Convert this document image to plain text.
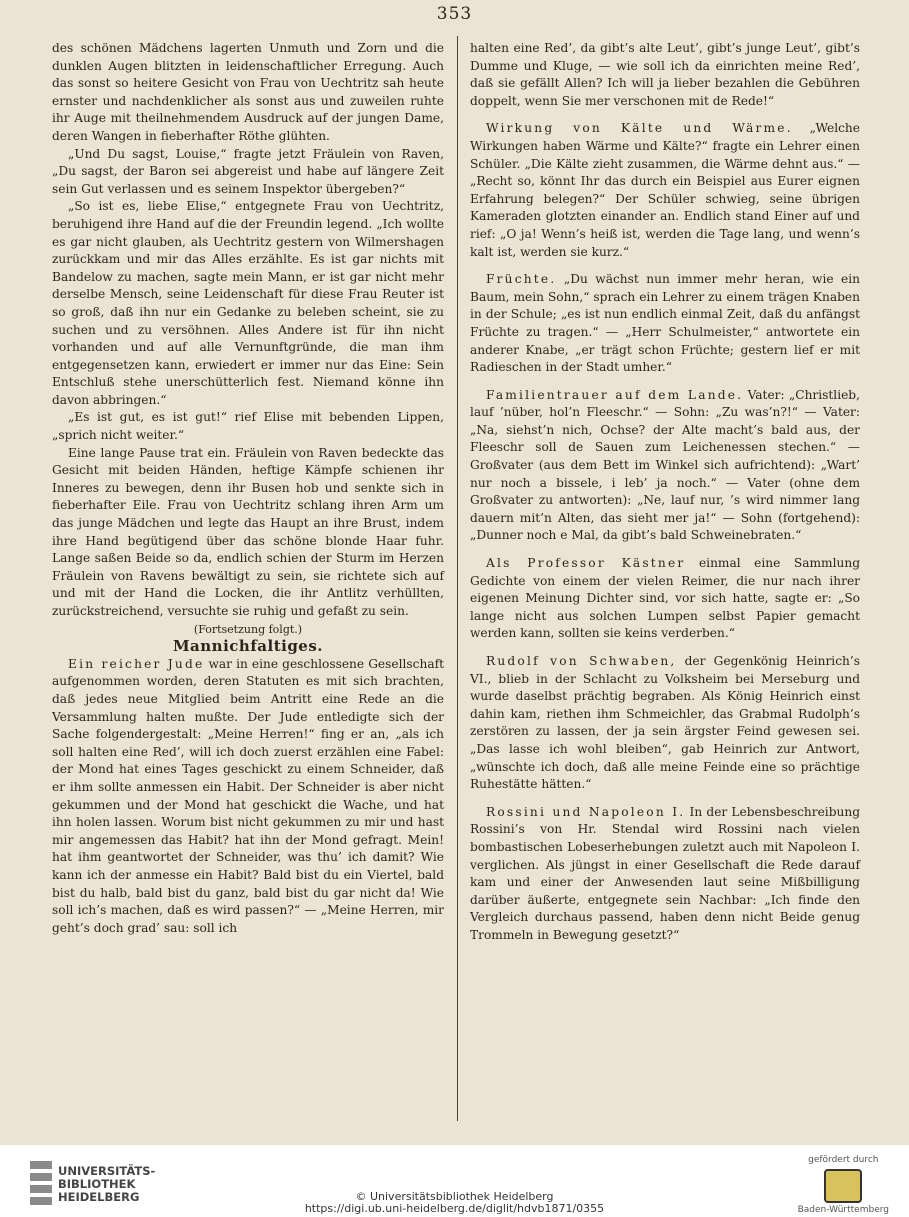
353

des schönen Mädchens lagerten Unmuth und Zorn und die dunklen Augen blitzten in leidenschaftlicher Erregung. Auch das sonst so heitere Gesicht von Frau von Uechtritz sah heute ernster und nachdenklicher als sonst aus und zuweilen ruhte ihr Auge mit theilnehmendem Ausdruck auf der jungen Dame, deren Wangen in fieberhafter Röthe glühten.

„Und Du sagst, Louise,“ fragte jetzt Fräulein von Raven, „Du sagst, der Baron sei abgereist und habe auf längere Zeit sein Gut verlassen und es seinem Inspektor übergeben?“

„So ist es, liebe Elise,“ entgegnete Frau von Uechtritz, beruhigend ihre Hand auf die der Freundin legend. „Ich wollte es gar nicht glauben, als Uechtritz gestern von Wilmershagen zurückkam und mir das Alles erzählte. Es ist gar nichts mit Bandelow zu machen, sagte mein Mann, er ist gar nicht mehr derselbe Mensch, seine Leidenschaft für diese Frau Reuter ist so groß, daß ihn nur ein Gedanke zu beleben scheint, sie zu suchen und zu versöhnen. Alles Andere ist für ihn nicht vorhanden und auf alle Vernunftgründe, die man ihm entgegensetzen kann, erwiedert er immer nur das Eine: Sein Entschluß stehe unerschütterlich fest. Niemand könne ihn davon abbringen.“

„Es ist gut, es ist gut!“ rief Elise mit bebenden Lippen, „sprich nicht weiter.“

Eine lange Pause trat ein. Fräulein von Raven bedeckte das Gesicht mit beiden Händen, heftige Kämpfe schienen ihr Inneres zu bewegen, denn ihr Busen hob und senkte sich in fieberhafter Eile. Frau von Uechtritz schlang ihren Arm um das junge Mädchen und legte das Haupt an ihre Brust, indem ihre Hand begütigend über das schöne blonde Haar fuhr. Lange saßen Beide so da, endlich schien der Sturm im Herzen Fräulein von Ravens bewältigt zu sein, sie richtete sich auf und mit der Hand die Locken, die ihr Antlitz verhüllten, zurückstreichend, versuchte sie ruhig und gefaßt zu sein.

(Fortsetzung folgt.)

Mannichfaltiges.

Ein reicher Jude war in eine geschlossene Gesellschaft aufgenommen worden, deren Statuten es mit sich brachten, daß jedes neue Mitglied beim Antritt eine Rede an die Versammlung halten mußte. Der Jude entledigte sich der Sache folgendergestalt: „Meine Herren!“ fing er an, „als ich soll halten eine Red’, will ich doch zuerst erzählen eine Fabel: der Mond hat eines Tages geschickt zu einem Schneider, daß er ihm sollte anmessen ein Habit. Der Schneider is aber nicht gekummen und der Mond hat geschickt die Wache, und hat ihn holen lassen. Worum bist nicht gekummen zu mir und hast mir angemessen das Habit? hat ihn der Mond gefragt. Mein! hat ihm geantwortet der Schneider, was thu’ ich damit? Wie kann ich der anmesse ein Habit? Bald bist du ein Viertel, bald bist du halb, bald bist du ganz, bald bist du gar nicht da! Wie soll ich’s machen, daß es wird passen?“ — „Meine Herren, mir geht’s doch grad’ sau: soll ich

halten eine Red’, da gibt’s alte Leut’, gibt’s junge Leut’, gibt’s Dumme und Kluge, — wie soll ich da einrichten meine Red’, daß sie gefällt Allen? Ich will ja lieber bezahlen die Gebühren doppelt, wenn Sie mer verschonen mit de Rede!“

Wirkung von Kälte und Wärme. „Welche Wirkungen haben Wärme und Kälte?“ fragte ein Lehrer einen Schüler. „Die Kälte zieht zusammen, die Wärme dehnt aus.“ — „Recht so, könnt Ihr das durch ein Beispiel aus Eurer eignen Erfahrung belegen?“ Der Schüler schwieg, seine übrigen Kameraden glotzten einander an. Endlich stand Einer auf und rief: „O ja! Wenn’s heiß ist, werden die Tage lang, und wenn’s kalt ist, werden sie kurz.“

Früchte. „Du wächst nun immer mehr heran, wie ein Baum, mein Sohn,“ sprach ein Lehrer zu einem trägen Knaben in der Schule; „es ist nun endlich einmal Zeit, daß du anfängst Früchte zu tragen.“ — „Herr Schulmeister,“ antwortete ein anderer Knabe, „er trägt schon Früchte; gestern lief er mit Radieschen in der Stadt umher.“

Familientrauer auf dem Lande. Vater: „Christlieb, lauf ’nüber, hol’n Fleeschr.“ — Sohn: „Zu was’n?!“ — Vater: „Na, siehst’n nich, Ochse? der Alte macht’s bald aus, der Fleeschr soll de Sauen zum Leichenessen stechen.“ — Großvater (aus dem Bett im Winkel sich aufrichtend): „Wart’ nur noch a bissele, i leb’ ja noch.“ — Vater (ohne dem Großvater zu antworten): „Ne, lauf nur, ’s wird nimmer lang dauern mit’n Alten, das sieht mer ja!“ — Sohn (fortgehend): „Dunner noch e Mal, da gibt’s bald Schweinebraten.“

Als Professor Kästner einmal eine Sammlung Gedichte von einem der vielen Reimer, die nur nach ihrer eigenen Meinung Dichter sind, vor sich hatte, sagte er: „So lange nicht aus solchen Lumpen selbst Papier gemacht werden kann, sollten sie keins verderben.“

Rudolf von Schwaben, der Gegenkönig Heinrich’s VI., blieb in der Schlacht zu Volksheim bei Merseburg und wurde daselbst prächtig begraben. Als König Heinrich einst dahin kam, riethen ihm Schmeichler, das Grabmal Rudolph’s zerstören zu lassen, der ja sein ärgster Feind gewesen sei. „Das lasse ich wohl bleiben“, gab Heinrich zur Antwort, „wünschte ich doch, daß alle meine Feinde eine so prächtige Ruhestätte hätten.“

Rossini und Napoleon I. In der Lebensbeschreibung Rossini’s von Hr. Stendal wird Rossini nach vielen bombastischen Lobeserhebungen zuletzt auch mit Napoleon I. verglichen. Als jüngst in einer Gesellschaft die Rede darauf kam und einer der Anwesenden laut seine Mißbilligung darüber äußerte, entgegnete sein Nachbar: „Ich finde den Vergleich durchaus passend, haben denn nicht Beide genug Trommeln in Bewegung gesetzt?“

UNIVERSITÄTS-
BIBLIOTHEK
HEIDELBERG	© Universitätsbibliothek Heidelberg
https://digi.ub.uni-heidelberg.de/diglit/hdvb1871/0355
gefördert durch
Baden-Württemberg
